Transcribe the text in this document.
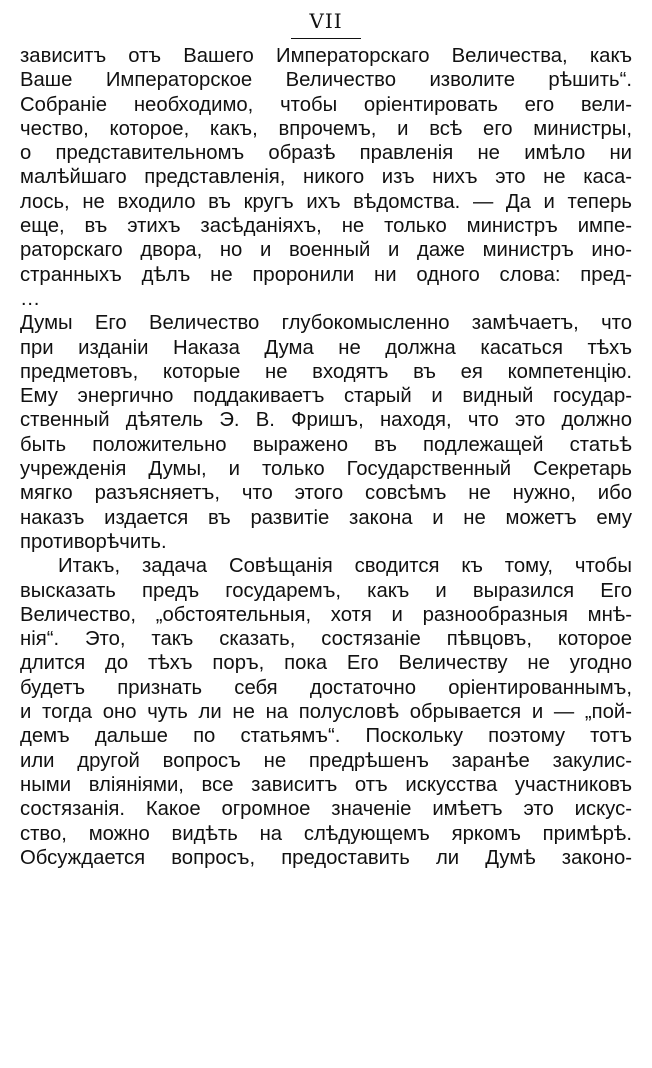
VII

зависитъ отъ Вашего Императорскаго Величества, какъ
Ваше Императорское Величество изволите рѣшить“.
Собраніе необходимо, чтобы оріентировать его вели-
чество, которое, какъ, впрочемъ, и всѣ его министры,
о представительномъ образѣ правленія не имѣло ни
малѣйшаго представленія, никого изъ нихъ это не каса-
лось, не входило въ кругъ ихъ вѣдомства. — Да и теперь
еще, въ этихъ засѣданіяхъ, не только министръ импе-
раторскаго двора, но и военный и даже министръ ино-
странныхъ дѣлъ не проронили ни одного слова: пред-
…
Думы Его Величество глубокомысленно замѣчаетъ, что
при изданіи Наказа Дума не должна касаться тѣхъ
предметовъ, которые не входятъ въ ея компетенцію.
Ему энергично поддакиваетъ старый и видный государ-
ственный дѣятель Э. В. Фришъ, находя, что это должно
быть положительно выражено въ подлежащей статьѣ
учрежденія Думы, и только Государственный Секретарь
мягко разъясняетъ, что этого совсѣмъ не нужно, ибо
наказъ издается въ развитіе закона и не можетъ ему
противорѣчить.

Итакъ, задача Совѣщанія сводится къ тому, чтобы
высказать предъ государемъ, какъ и выразился Его
Величество, „обстоятельныя, хотя и разнообразныя мнѣ-
нія“. Это, такъ сказать, состязаніе пѣвцовъ, которое
длится до тѣхъ поръ, пока Его Величеству не угодно
будетъ признать себя достаточно оріентированнымъ,
и тогда оно чуть ли не на полусловѣ обрывается и — „пой-
демъ дальше по статьямъ“. Поскольку поэтому тотъ
или другой вопросъ не предрѣшенъ заранѣе закулис-
ными вліяніями, все зависитъ отъ искусства участниковъ
состязанія. Какое огромное значеніе имѣетъ это искус-
ство, можно видѣть на слѣдующемъ яркомъ примѣрѣ.
Обсуждается вопросъ, предоставить ли Думѣ законо-
